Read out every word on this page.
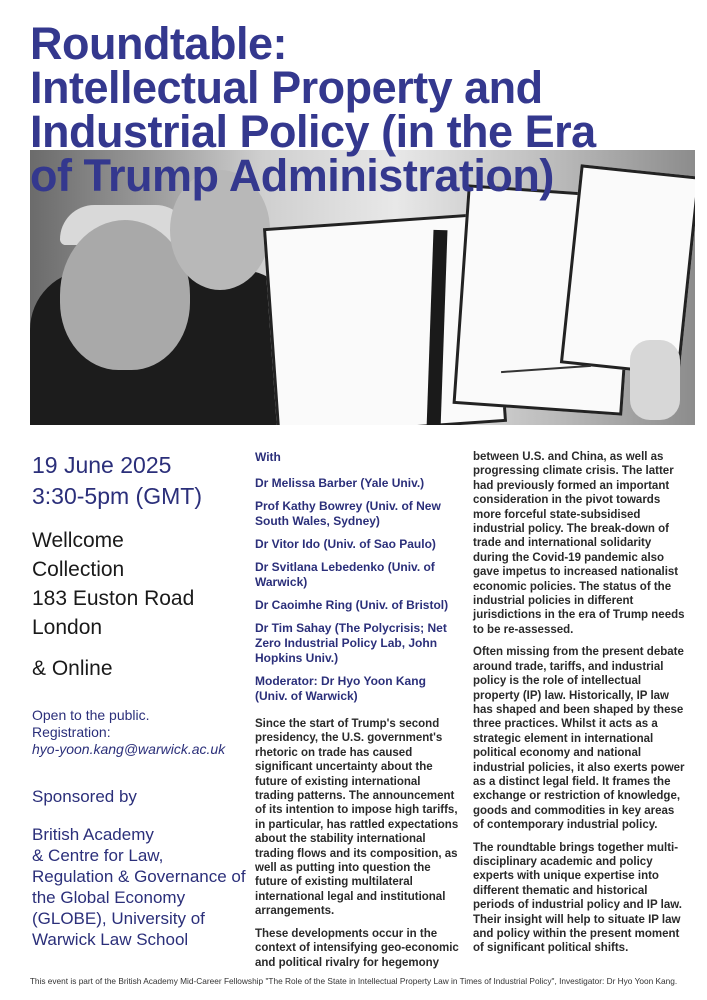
Roundtable:
Intellectual Property and
Industrial Policy (in the Era
of Trump Administration)
19 June 2025
3:30-5pm (GMT)
Wellcome
Collection
183 Euston Road
London
& Online
Open to the public.
Registration:
hyo-yoon.kang@warwick.ac.uk
Sponsored by
British Academy
& Centre for Law,
Regulation & Governance of
the Global Economy
(GLOBE), University of
Warwick Law School
With
Dr Melissa Barber (Yale Univ.)
Prof Kathy Bowrey (Univ. of New South Wales, Sydney)
Dr Vitor Ido (Univ. of Sao Paulo)
Dr Svitlana Lebedenko (Univ. of Warwick)
Dr Caoimhe Ring (Univ. of Bristol)
Dr Tim Sahay (The Polycrisis; Net Zero Industrial Policy Lab, John Hopkins Univ.)
Moderator: Dr Hyo Yoon Kang (Univ. of Warwick)

Since the start of Trump's second presidency, the U.S. government's rhetoric on trade has caused significant uncertainty about the future of existing international trading patterns. The announcement of its intention to impose high tariffs, in particular, has rattled expectations about the stability international trading flows and its composition, as well as putting into question the future of existing multilateral international legal and institutional arrangements.

These developments occur in the context of intensifying geo-economic and political rivalry for hegemony

between U.S. and China, as well as progressing climate crisis. The latter had previously formed an important consideration in the pivot towards more forceful state-subsidised industrial policy. The break-down of trade and international solidarity during the Covid-19 pandemic also gave impetus to increased nationalist economic policies. The status of the industrial policies in different jurisdictions in the era of Trump needs to be re-assessed.

Often missing from the present debate around trade, tariffs, and industrial policy is the role of intellectual property (IP) law. Historically, IP law has shaped and been shaped by these three practices. Whilst it acts as a strategic element in international political economy and national industrial policies, it also exerts power as a distinct legal field. It frames the exchange or restriction of knowledge, goods and commodities in key areas of contemporary industrial policy.

The roundtable brings together multi-disciplinary academic and policy experts with unique expertise into different thematic and historical periods of industrial policy and IP law. Their insight will help to situate IP law and policy within the present moment of significant political shifts.

This event is part of the British Academy Mid-Career Fellowship "The Role of the State in Intellectual Property Law in Times of Industrial Policy", Investigator: Dr Hyo Yoon Kang.
